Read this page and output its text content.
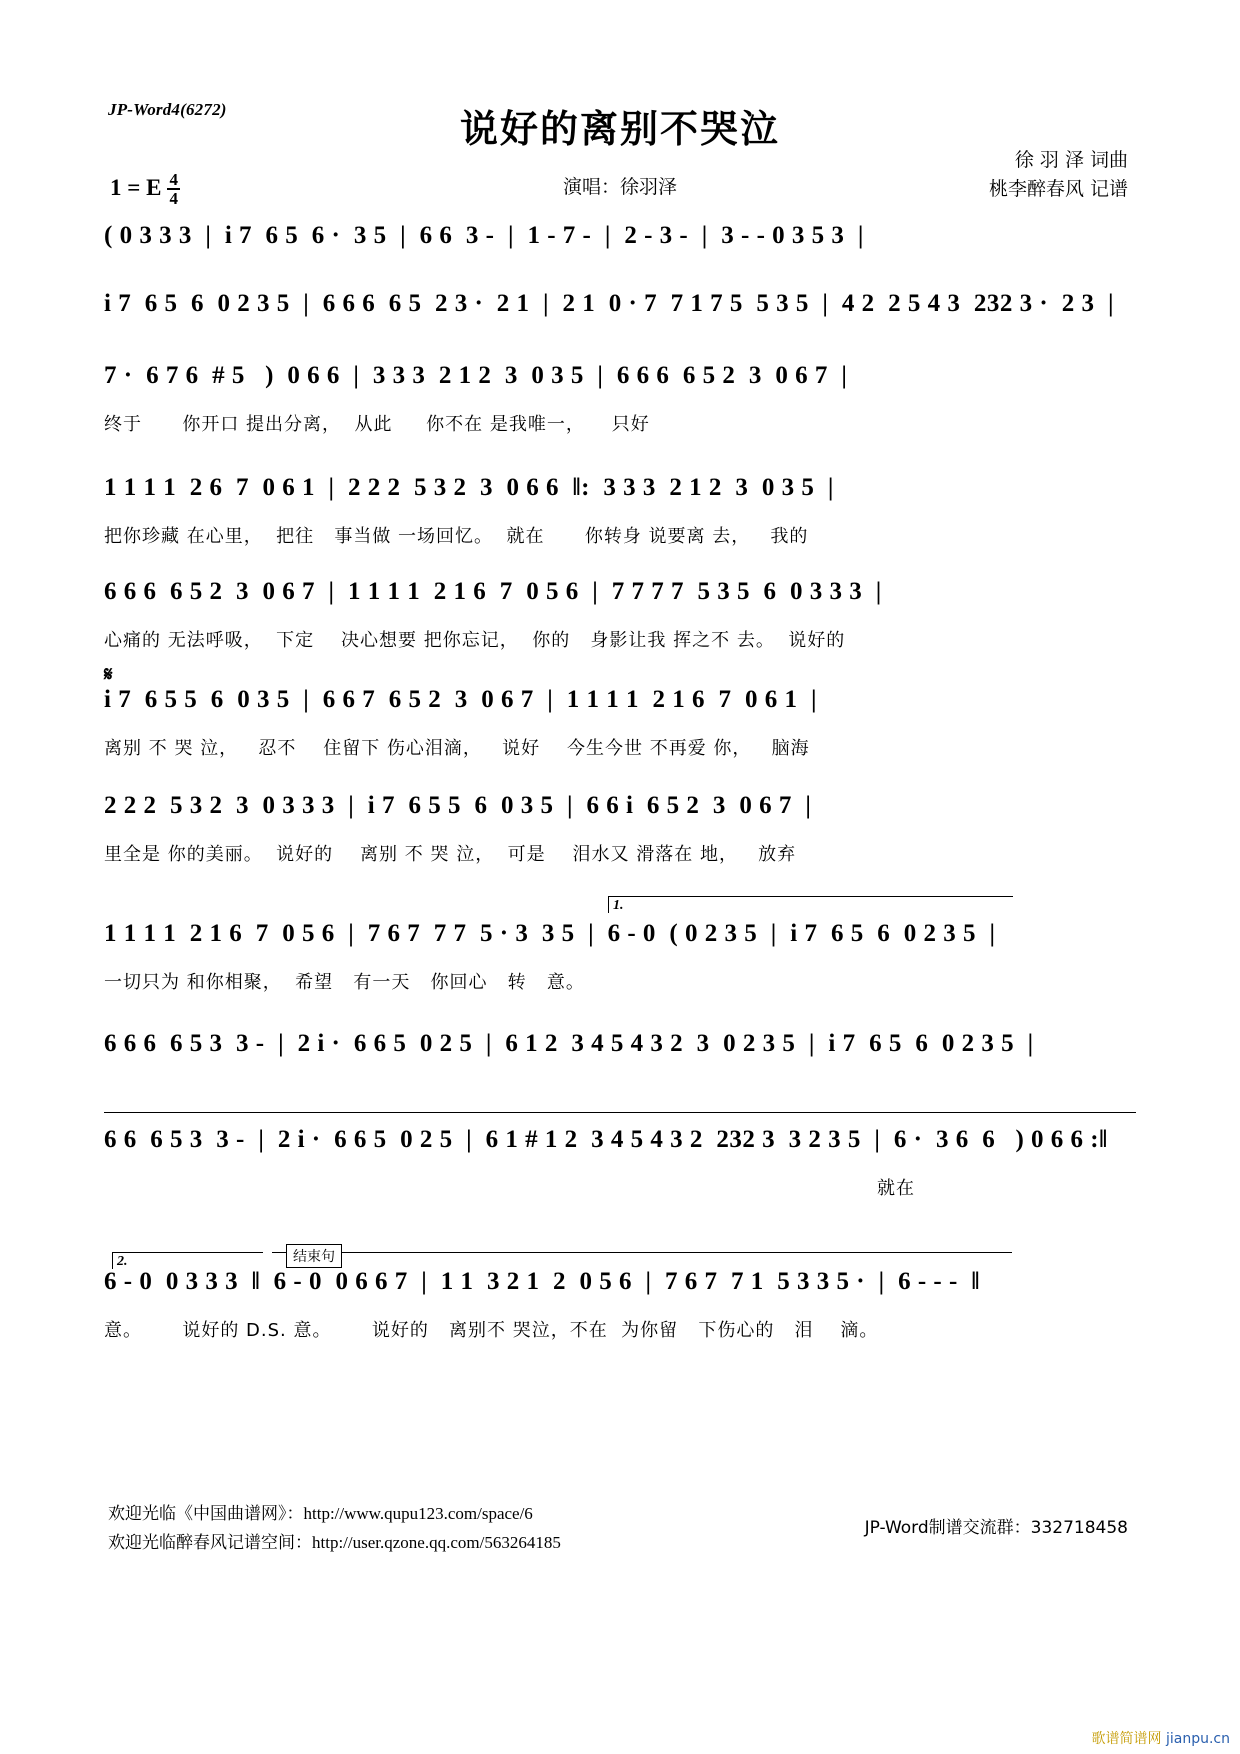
JP-Word4(6272)	说好的离别不哭泣
演唱：徐羽泽
徐 羽 泽 词曲
桃李醉春风 记谱
1 = E $\frac{4}{4}$
( 0 3 3 3  |  i 7  6 5  6 ·  3 5  |  6 6  3 -  |  1 - 7 -  |  2 - 3 -  |  3 - - 0 3 5 3  |
i 7  6 5  6  0 2 3 5  |  6 6 6  6 5  2 3 ·  2 1  |  2 1  0 · 7  7 1 7 5  5 3 5  |  4 2  2 5 4 3  232 3 ·  2 3  |
7 ·  6 7 6  # 5   )  0 6 6  |  3 3 3  2 1 2  3  0 3 5  |  6 6 6  6 5 2  3  0 6 7  |
终于      你开口 提出分离，  从此     你不在 是我唯一，    只好
1 1 1 1  2 6  7  0 6 1  |  2 2 2  5 3 2  3  0 6 6  ‖:  3 3 3  2 1 2  3  0 3 5  |
把你珍藏 在心里，  把往   事当做 一场回忆。  就在      你转身 说要离 去，   我的
6 6 6  6 5 2  3  0 6 7  |  1 1 1 1  2 1 6  7  0 5 6  |  7 7 7 7  5 3 5  6  0 3 3 3  |
心痛的 无法呼吸，  下定    决心想要 把你忘记，  你的   身影让我 挥之不 去。  说好的
𝄋
i 7  6 5 5  6  0 3 5  |  6 6 7  6 5 2  3  0 6 7  |  1 1 1 1  2 1 6  7  0 6 1  |
离别 不 哭 泣，   忍不    住留下 伤心泪滴，   说好    今生今世 不再爱 你，   脑海
2 2 2  5 3 2  3  0 3 3 3  |  i 7  6 5 5  6  0 3 5  |  6 6 i  6 5 2  3  0 6 7  |
里全是 你的美丽。  说好的    离别 不 哭 泣，  可是    泪水又 滑落在 地，   放弃
1.
1 1 1 1  2 1 6  7  0 5 6  |  7 6 7  7 7  5 · 3  3 5  |  6 - 0  ( 0 2 3 5  |  i 7  6 5  6  0 2 3 5  |
一切只为 和你相聚，  希望   有一天   你回心   转   意。
6 6 6  6 5 3  3 -  |  2 i ·  6 6 5  0 2 5  |  6 1 2  3 4 5 4 3 2  3  0 2 3 5  |  i 7  6 5  6  0 2 3 5  |
6 6  6 5 3  3 -  |  2 i ·  6 6 5  0 2 5  |  6 1 # 1 2  3 4 5 4 3 2  232 3  3 2 3 5  |  6 ·  3 6  6   ) 0 6 6 :‖
就在
2.	结束句
6 - 0  0 3 3 3  ‖  6 - 0  0 6 6 7  |  1 1  3 2 1  2  0 5 6  |  7 6 7  7 1  5 3 3 5 ·  |  6 - - -  ‖
意。      说好的 D.S. 意。      说好的   离别不 哭泣，不在  为你留   下伤心的   泪    滴。
欢迎光临《中国曲谱网》：http://www.qupu123.com/space/6
欢迎光临醉春风记谱空间：http://user.qzone.qq.com/563264185
JP-Word制谱交流群：332718458
歌谱简谱网 jianpu.cn
